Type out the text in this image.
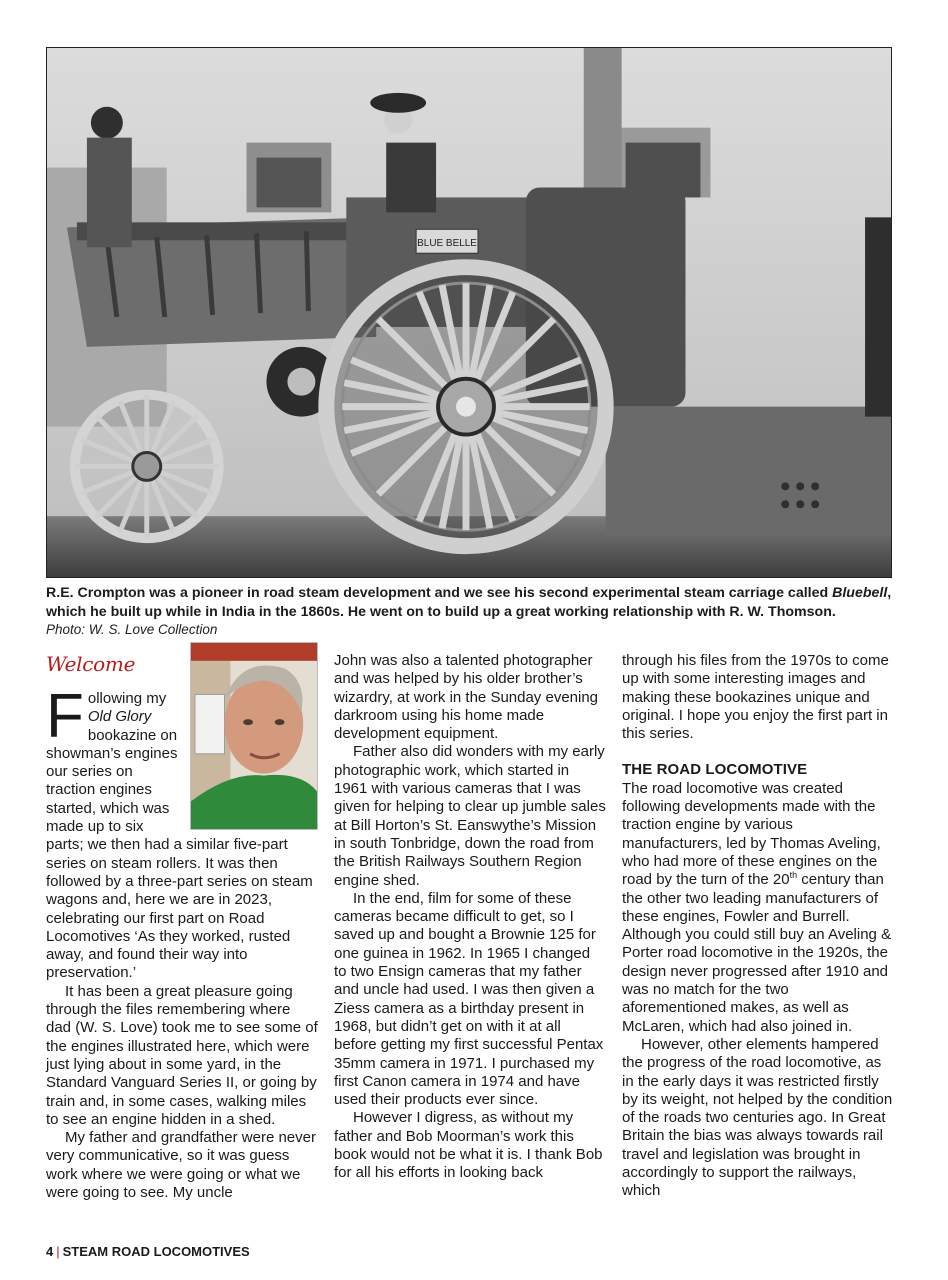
BLUE BELLE
R.E. Crompton was a pioneer in road steam development and we see his second experimental steam carriage called Bluebell, which he built up while in India in the 1860s. He went on to build up a great working relationship with R. W. Thomson.
Photo: W. S. Love Collection
Welcome

Following my Old Glory bookazine on showman’s engines our series on traction engines started, which was made up to six parts; we then had a similar five-part series on steam rollers. It was then followed by a three-part series on steam wagons and, here we are in 2023, celebrating our first part on Road Locomotives ‘As they worked, rusted away, and found their way into preservation.’

It has been a great pleasure going through the files remembering where dad (W. S. Love) took me to see some of the engines illustrated here, which were just lying about in some yard, in the Standard Vanguard Series II, or going by train and, in some cases, walking miles to see an engine hidden in a shed.

My father and grandfather were never very communicative, so it was guess work where we were going or what we were going to see. My uncle

John was also a talented photographer and was helped by his older brother’s wizardry, at work in the Sunday evening darkroom using his home made development equipment.

Father also did wonders with my early photographic work, which started in 1961 with various cameras that I was given for helping to clear up jumble sales at Bill Horton’s St. Eanswythe’s Mission in south Tonbridge, down the road from the British Railways Southern Region engine shed.

In the end, film for some of these cameras became difficult to get, so I saved up and bought a Brownie 125 for one guinea in 1962. In 1965 I changed to two Ensign cameras that my father and uncle had used. I was then given a Ziess camera as a birthday present in 1968, but didn’t get on with it at all before getting my first successful Pentax 35mm camera in 1971. I purchased my first Canon camera in 1974 and have used their products ever since.

However I digress, as without my father and Bob Moorman’s work this book would not be what it is. I thank Bob for all his efforts in looking back

through his files from the 1970s to come up with some interesting images and making these bookazines unique and original. I hope you enjoy the first part in this series.

THE ROAD LOCOMOTIVE

The road locomotive was created following developments made with the traction engine by various manufacturers, led by Thomas Aveling, who had more of these engines on the road by the turn of the 20th century than the other two leading manufacturers of these engines, Fowler and Burrell. Although you could still buy an Aveling & Porter road locomotive in the 1920s, the design never progressed after 1910 and was no match for the two aforementioned makes, as well as McLaren, which had also joined in.

However, other elements hampered the progress of the road locomotive, as in the early days it was restricted firstly by its weight, not helped by the condition of the roads two centuries ago. In Great Britain the bias was always towards rail travel and legislation was brought in accordingly to support the railways, which

4 | STEAM ROAD LOCOMOTIVES
